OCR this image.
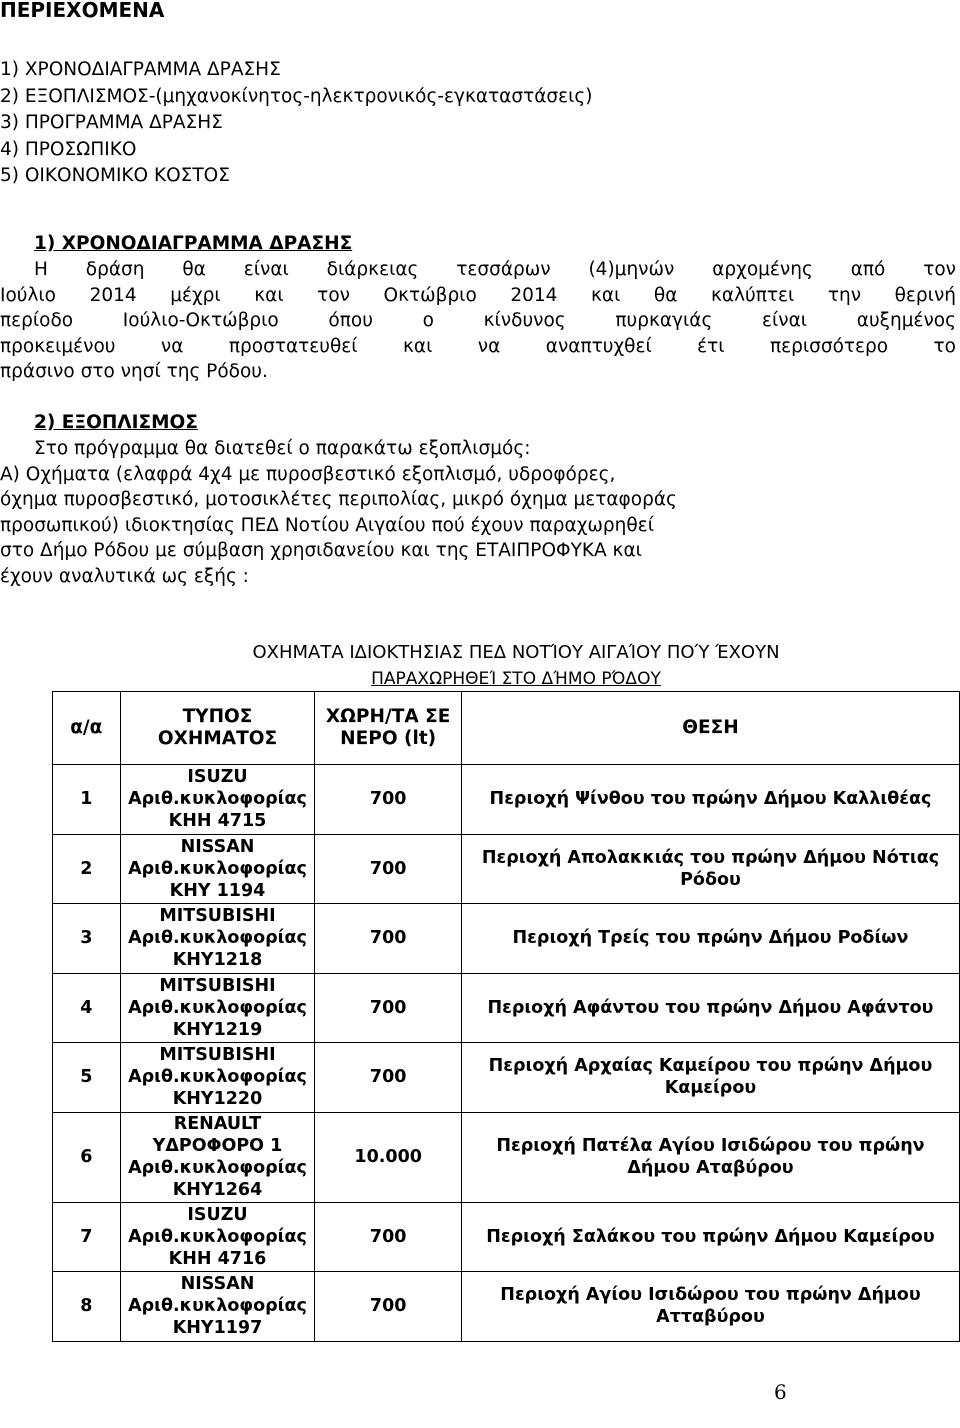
ΠΕΡΙΕΧΟΜΕΝΑ
1) ΧΡΟΝΟΔΙΑΓΡΑΜΜΑ ΔΡΑΣΗΣ
2) ΕΞΟΠΛΙΣΜΟΣ-(μηχανοκίνητος-ηλεκτρονικός-εγκαταστάσεις)
3) ΠΡΟΓΡΑΜΜΑ ΔΡΑΣΗΣ
4) ΠΡΟΣΩΠΙΚΟ
5) ΟΙΚΟΝΟΜΙΚΟ ΚΟΣΤΟΣ
1) ΧΡΟΝΟΔΙΑΓΡΑΜΜΑ ΔΡΑΣΗΣ
Η δράση θα είναι διάρκειας τεσσάρων (4)μηνών αρχομένης από τον
Ιούλιο 2014 μέχρι και τον Οκτώβριο 2014 και θα καλύπτει την θερινή
περίοδο Ιούλιο-Οκτώβριο όπου ο κίνδυνος πυρκαγιάς είναι αυξημένος
προκειμένου να προστατευθεί και να αναπτυχθεί έτι περισσότερο το
πράσινο στο νησί της Ρόδου.
2) ΕΞΟΠΛΙΣΜΟΣ
Στο πρόγραμμα θα διατεθεί ο παρακάτω εξοπλισμός:
Α) Οχήματα (ελαφρά 4χ4 με πυροσβεστικό εξοπλισμό, υδροφόρες,
όχημα πυροσβεστικό, μοτοσικλέτες περιπολίας, μικρό όχημα μεταφοράς
προσωπικού) ιδιοκτησίας ΠΕΔ Νοτίου Αιγαίου πού έχουν παραχωρηθεί
στο Δήμο Ρόδου με σύμβαση χρησιδανείου και της ΕΤΑΙΠΡΟΦΥΚΑ και
έχουν αναλυτικά ως εξής :
ΟΧΗΜΑΤΑ ΙΔΙΟΚΤΗΣΙΑΣ ΠΕΔ ΝΟΤΊΟΥ ΑΙΓΑΊΟΥ ΠΟΎ ΈΧΟΥΝ
ΠΑΡΑΧΩΡΗΘΕΊ ΣΤΟ ΔΉΜΟ ΡΌΔΟΥ
α/α	ΤΥΠΟΣ ΟΧΗΜΑΤΟΣ	ΧΩΡΗ/ΤΑ ΣΕ ΝΕΡΟ (lt)	ΘΕΣΗ
1	ISUZU Αριθ.κυκλοφορίας ΚΗΗ 4715	700	Περιοχή Ψίνθου του πρώην Δήμου Καλλιθέας
2	NISSAN Αριθ.κυκλοφορίας ΚΗΥ 1194	700	Περιοχή Απολακκιάς του πρώην Δήμου Νότιας Ρόδου
3	MITSUBISHI Αριθ.κυκλοφορίας ΚΗΥ1218	700	Περιοχή Τρείς του πρώην Δήμου Ροδίων
4	MITSUBISHI Αριθ.κυκλοφορίας ΚΗΥ1219	700	Περιοχή Αφάντου του πρώην Δήμου Αφάντου
5	MITSUBISHI Αριθ.κυκλοφορίας ΚΗΥ1220	700	Περιοχή Αρχαίας Καμείρου του πρώην Δήμου Καμείρου
6	RENAULT ΥΔΡΟΦΟΡΟ 1 Αριθ.κυκλοφορίας ΚΗΥ1264	10.000	Περιοχή Πατέλα Αγίου Ισιδώρου του πρώην Δήμου Αταβύρου
7	ISUZU Αριθ.κυκλοφορίας ΚΗΗ 4716	700	Περιοχή Σαλάκου του πρώην Δήμου Καμείρου
8	NISSAN Αριθ.κυκλοφορίας ΚΗΥ1197	700	Περιοχή Αγίου Ισιδώρου του πρώην Δήμου Ατταβύρου
6
